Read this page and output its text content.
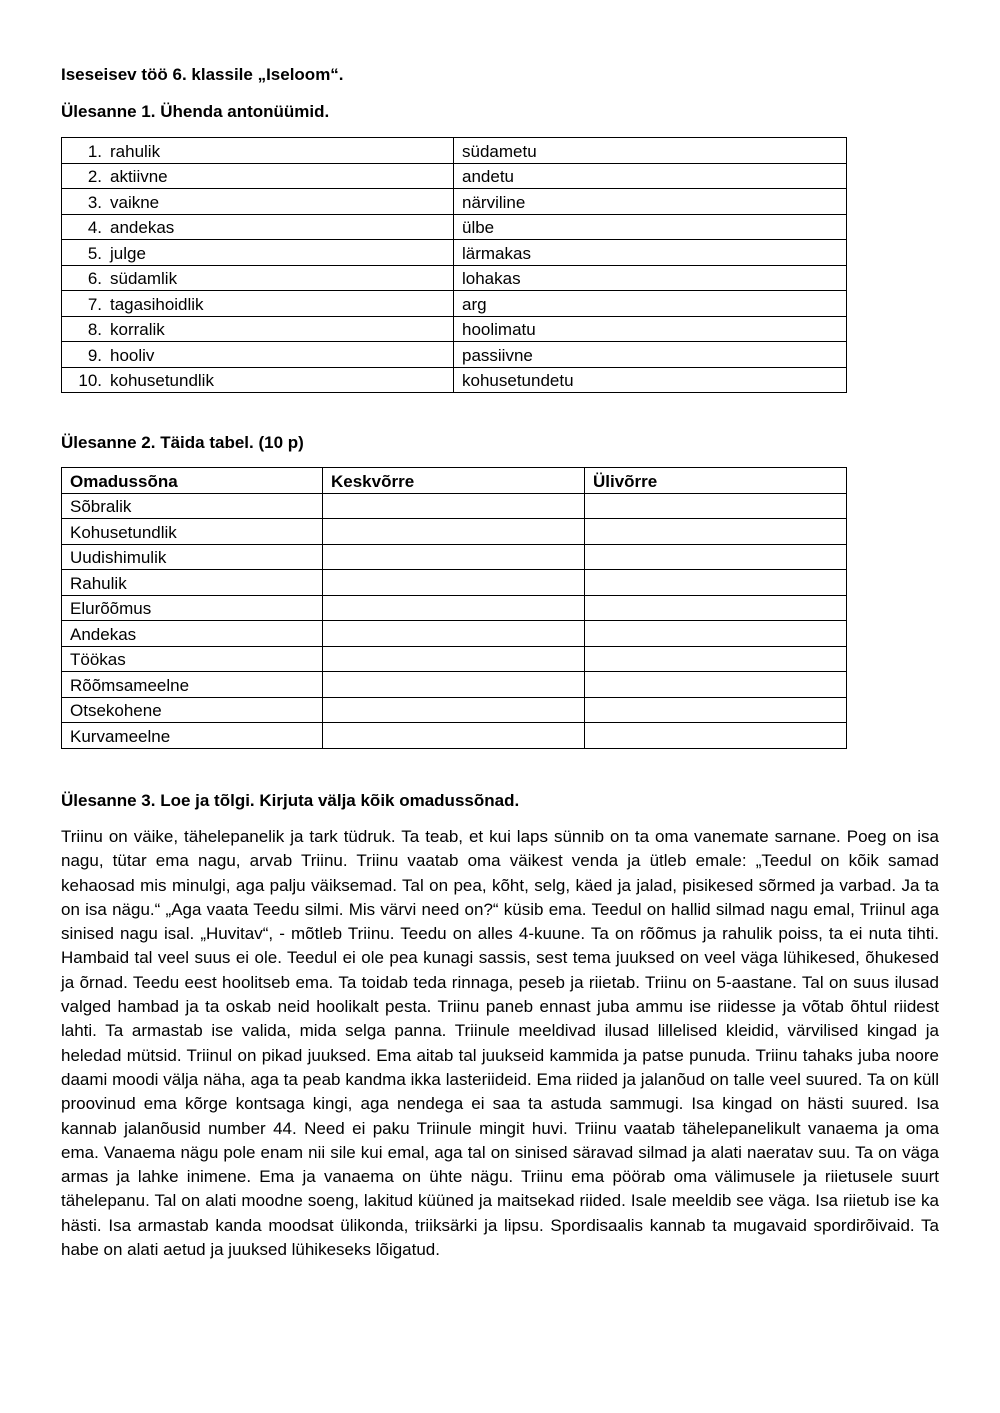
Iseseisev töö 6. klassile „Iseloom“.
Ülesanne 1. Ühenda antonüümid.
1. rahulik	südametu
2. aktiivne	andetu
3. vaikne	närviline
4. andekas	ülbe
5. julge	lärmakas
6. südamlik	lohakas
7. tagasihoidlik	arg
8. korralik	hoolimatu
9. hooliv	passiivne
10. kohusetundlik	kohusetundetu
Ülesanne 2. Täida tabel. (10 p)
Omadussõna	Keskvõrre	Ülivõrre
Sõbralik		
Kohusetundlik		
Uudishimulik		
Rahulik		
Elurõõmus		
Andekas		
Töökas		
Rõõmsameelne		
Otsekohene		
Kurvameelne		
Ülesanne 3. Loe ja tõlgi. Kirjuta välja kõik omadussõnad.

Triinu on väike, tähelepanelik ja tark tüdruk. Ta teab, et kui laps sünnib on ta oma vanemate sarnane. Poeg on isa nagu, tütar ema nagu, arvab Triinu. Triinu vaatab oma väikest venda ja ütleb emale: „Teedul on kõik samad kehaosad mis minulgi, aga palju väiksemad. Tal on pea, kõht, selg, käed ja jalad, pisikesed sõrmed ja varbad. Ja ta on isa nägu.“ „Aga vaata Teedu silmi. Mis värvi need on?“ küsib ema. Teedul on hallid silmad nagu emal, Triinul aga sinised nagu isal. „Huvitav“, - mõtleb Triinu. Teedu on alles 4-kuune. Ta on rõõmus ja rahulik poiss, ta ei nuta tihti. Hambaid tal veel suus ei ole. Teedul ei ole pea kunagi sassis, sest tema juuksed on veel väga lühikesed, õhukesed ja õrnad. Teedu eest hoolitseb ema. Ta toidab teda rinnaga, peseb ja riietab. Triinu on 5-aastane. Tal on suus ilusad valged hambad ja ta oskab neid hoolikalt pesta. Triinu paneb ennast juba ammu ise riidesse ja võtab õhtul riidest lahti. Ta armastab ise valida, mida selga panna. Triinule meeldivad ilusad lillelised kleidid, värvilised kingad ja heledad mütsid. Triinul on pikad juuksed. Ema aitab tal juukseid kammida ja patse punuda. Triinu tahaks juba noore daami moodi välja näha, aga ta peab kandma ikka lasteriideid. Ema riided ja jalanõud on talle veel suured. Ta on küll proovinud ema kõrge kontsaga kingi, aga nendega ei saa ta astuda sammugi. Isa kingad on hästi suured. Isa kannab jalanõusid number 44. Need ei paku Triinule mingit huvi. Triinu vaatab tähelepanelikult vanaema ja oma ema. Vanaema nägu pole enam nii sile kui emal, aga tal on sinised säravad silmad ja alati naeratav suu. Ta on väga armas ja lahke inimene. Ema ja vanaema on ühte nägu. Triinu ema pöörab oma välimusele ja riietusele suurt tähelepanu. Tal on alati moodne soeng, lakitud küüned ja maitsekad riided. Isale meeldib see väga. Isa riietub ise ka hästi. Isa armastab kanda moodsat ülikonda, triiksärki ja lipsu. Spordisaalis kannab ta mugavaid spordirõivaid. Ta habe on alati aetud ja juuksed lühikeseks lõigatud.
